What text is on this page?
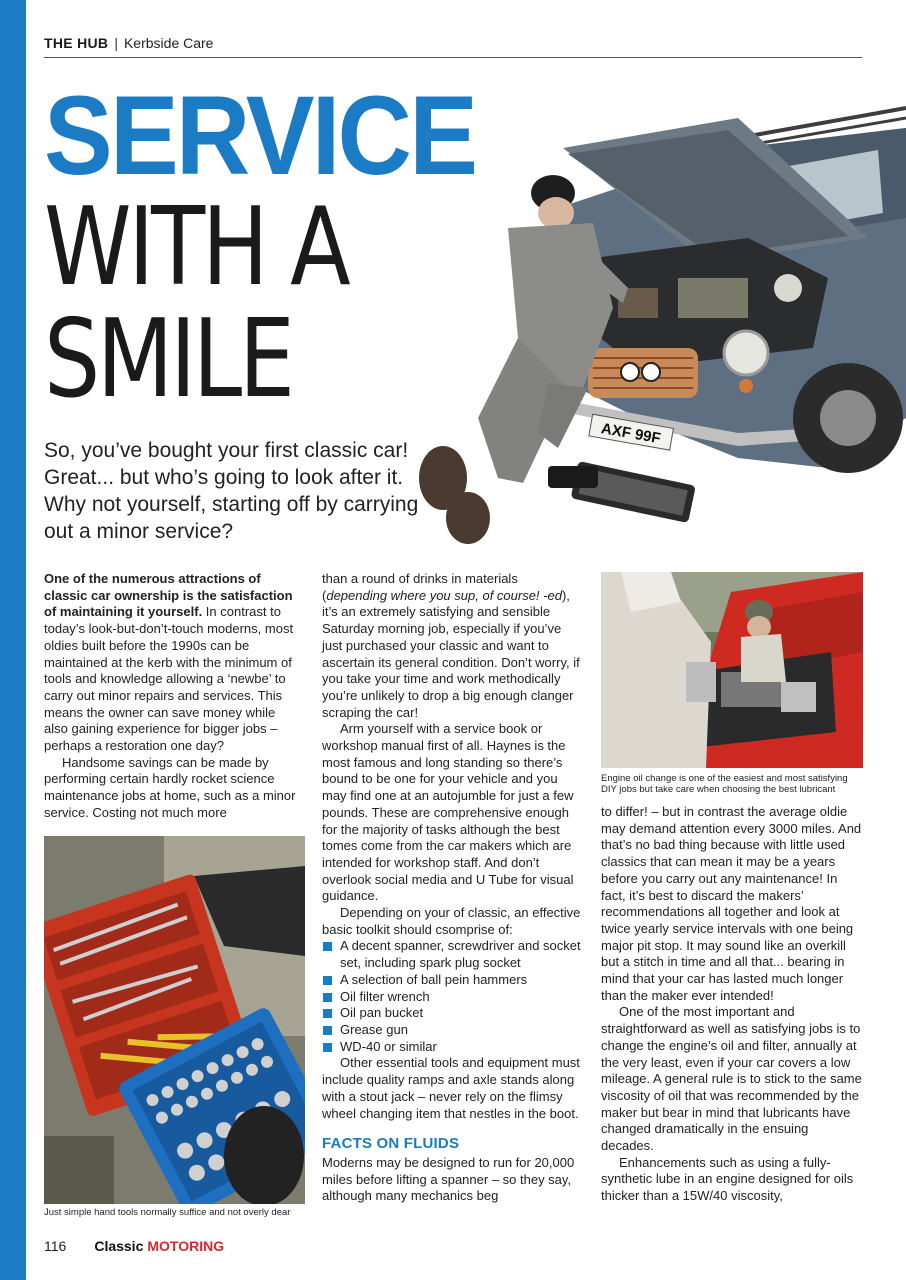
THE HUB | Kerbside Care
SERVICE
WITH A
SMILE
AXF 99F
So, you’ve bought your first classic car! Great... but who’s going to look after it. Why not yourself, starting off by carrying out a minor service?

One of the numerous attractions of classic car ownership is the satisfaction of maintaining it yourself. In contrast to today’s look-but-don’t-touch moderns, most oldies built before the 1990s can be maintained at the kerb with the minimum of tools and knowledge allowing a ‘newbe’ to carry out minor repairs and services. This means the owner can save money while also gaining experience for bigger jobs – perhaps a restoration one day?

Handsome savings can be made by performing certain hardly rocket science maintenance jobs at home, such as a minor service. Costing not much more

Just simple hand tools normally suffice and not overly dear

than a round of drinks in materials (depending where you sup, of course! -ed), it’s an extremely satisfying and sensible Saturday morning job, especially if you’ve just purchased your classic and want to ascertain its general condition. Don’t worry, if you take your time and work methodically you’re unlikely to drop a big enough clanger scraping the car!

Arm yourself with a service book or workshop manual first of all. Haynes is the most famous and long standing so there’s bound to be one for your vehicle and you may find one at an autojumble for just a few pounds. These are comprehensive enough for the majority of tasks although the best tomes come from the car makers which are intended for workshop staff. And don’t overlook social media and U Tube for visual guidance.

Depending on your of classic, an effective basic toolkit should csomprise of:

A decent spanner, screwdriver and socket set, including spark plug socket
A selection of ball pein hammers
Oil filter wrench
Oil pan bucket
Grease gun
WD-40 or similar

Other essential tools and equipment must include quality ramps and axle stands along with a stout jack – never rely on the flimsy wheel changing item that nestles in the boot.

FACTS ON FLUIDS

Moderns may be designed to run for 20,000 miles before lifting a spanner – so they say, although many mechanics beg

Engine oil change is one of the easiest and most satisfying DIY jobs but take care when choosing the best lubricant

to differ! – but in contrast the average oldie may demand attention every 3000 miles. And that’s no bad thing because with little used classics that can mean it may be a years before you carry out any maintenance! In fact, it’s best to discard the makers’ recommendations all together and look at twice yearly service intervals with one being major pit stop. It may sound like an overkill but a stitch in time and all that... bearing in mind that your car has lasted much longer than the maker ever intended!

One of the most important and straightforward as well as satisfying jobs is to change the engine’s oil and filter, annually at the very least, even if your car covers a low mileage. A general rule is to stick to the same viscosity of oil that was recommended by the maker but bear in mind that lubricants have changed dramatically in the ensuing decades.

Enhancements such as using a fully-synthetic lube in an engine designed for oils thicker than a 15W/40 viscosity,

116 Classic MOTORING
